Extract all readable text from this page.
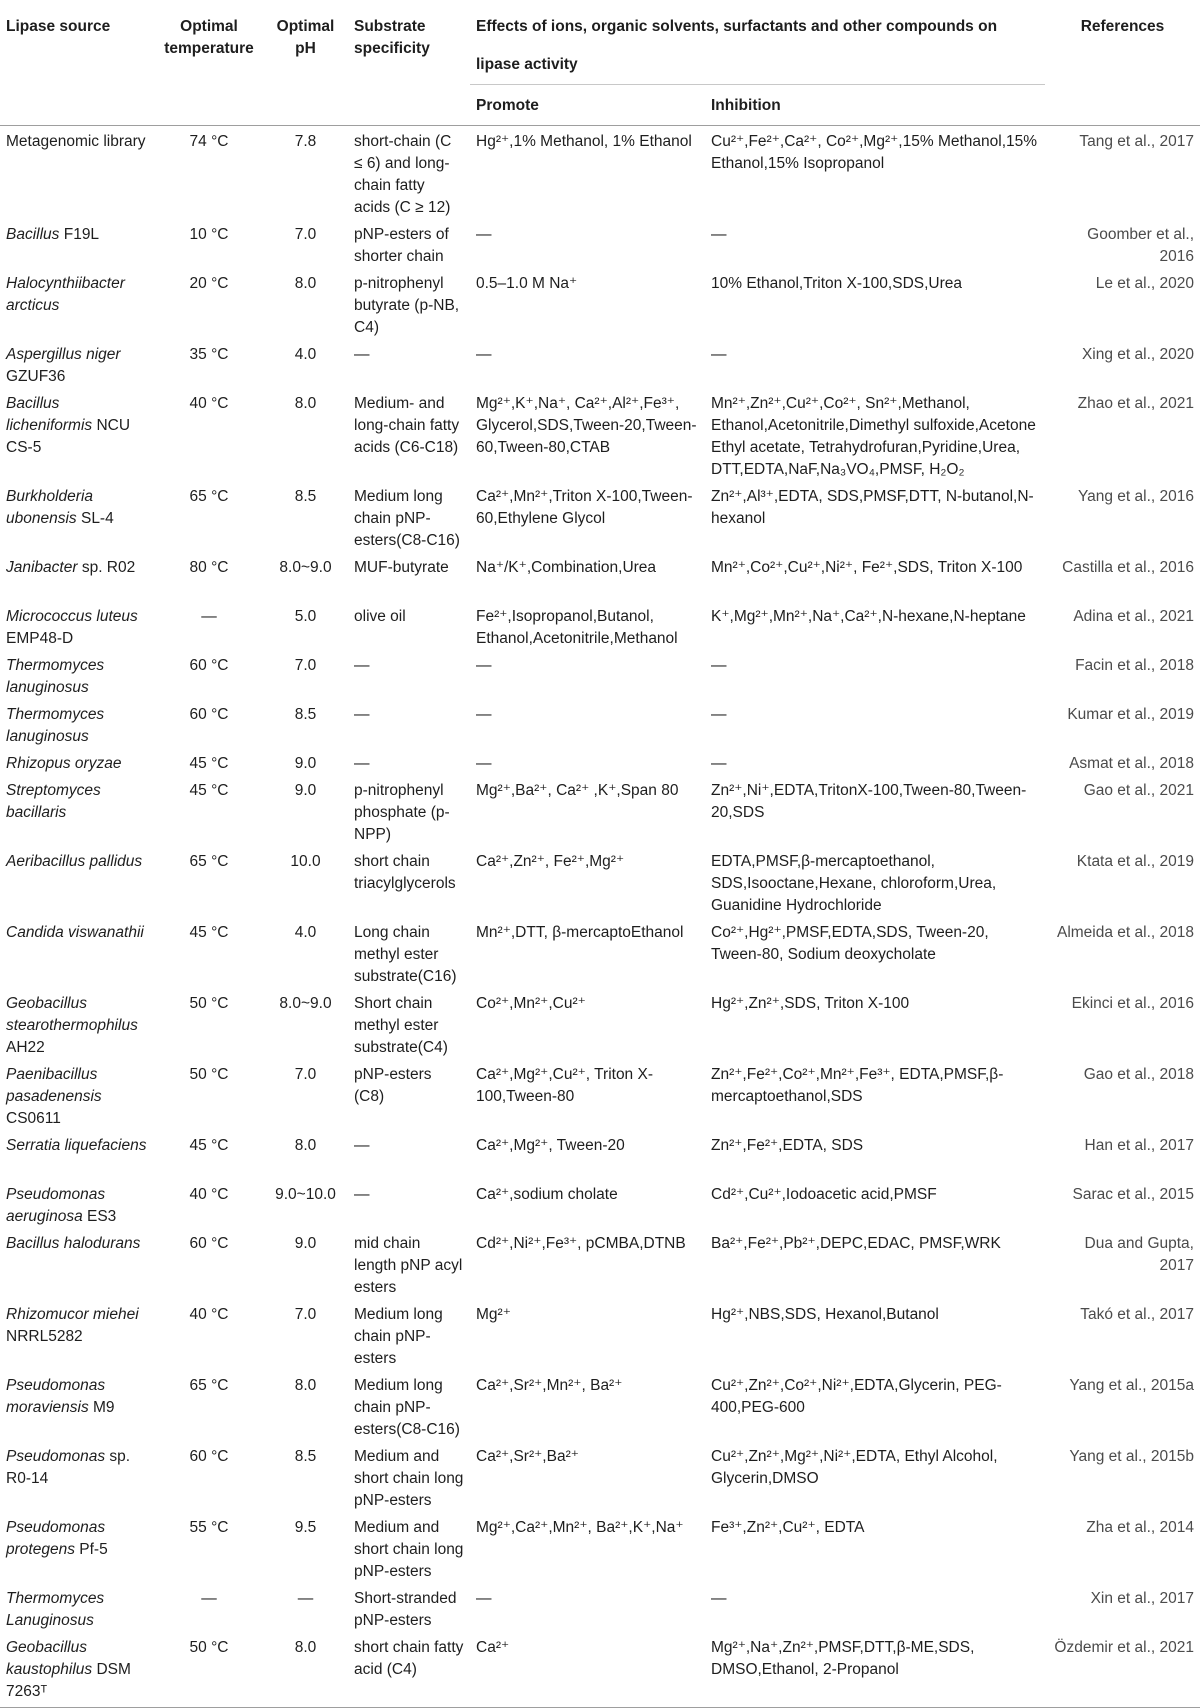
Lipase source	Optimal temperature	Optimal pH	Substrate specificity	Effects of ions, organic solvents, surfactants and other compounds on lipase activity		References
				Promote	Inhibition	
Metagenomic library	74 °C	7.8	short-chain (C ≤ 6) and long-chain fatty acids (C ≥ 12)	Hg²⁺,1% Methanol, 1% Ethanol	Cu²⁺,Fe²⁺,Ca²⁺, Co²⁺,Mg²⁺,15% Methanol,15% Ethanol,15% Isopropanol	Tang et al., 2017
Bacillus F19L	10 °C	7.0	pNP-esters of shorter chain	—	—	Goomber et al., 2016
Halocynthiibacter arcticus	20 °C	8.0	p-nitrophenyl butyrate (p-NB, C4)	0.5–1.0 M Na⁺	10% Ethanol,Triton X-100,SDS,Urea	Le et al., 2020
Aspergillus niger GZUF36	35 °C	4.0	—	—	—	Xing et al., 2020
Bacillus licheniformis NCU CS-5	40 °C	8.0	Medium- and long-chain fatty acids (C6-C18)	Mg²⁺,K⁺,Na⁺, Ca²⁺,Al²⁺,Fe³⁺, Glycerol,SDS,Tween-20,Tween-60,Tween-80,CTAB	Mn²⁺,Zn²⁺,Cu²⁺,Co²⁺, Sn²⁺,Methanol, Ethanol,Acetonitrile,Dimethyl sulfoxide,Acetone Ethyl acetate, Tetrahydrofuran,Pyridine,Urea, DTT,EDTA,NaF,Na₃VO₄,PMSF, H₂O₂	Zhao et al., 2021
Burkholderia ubonensis SL-4	65 °C	8.5	Medium long chain pNP-esters(C8-C16)	Ca²⁺,Mn²⁺,Triton X-100,Tween-60,Ethylene Glycol	Zn²⁺,Al³⁺,EDTA, SDS,PMSF,DTT, N-butanol,N-hexanol	Yang et al., 2016
Janibacter sp. R02	80 °C	8.0~9.0	MUF-butyrate	Na⁺/K⁺,Combination,Urea	Mn²⁺,Co²⁺,Cu²⁺,Ni²⁺, Fe²⁺,SDS, Triton X-100	Castilla et al., 2016
Micrococcus luteus EMP48-D	—	5.0	olive oil	Fe²⁺,Isopropanol,Butanol, Ethanol,Acetonitrile,Methanol	K⁺,Mg²⁺,Mn²⁺,Na⁺,Ca²⁺,N-hexane,N-heptane	Adina et al., 2021
Thermomyces lanuginosus	60 °C	7.0	—	—	—	Facin et al., 2018
Thermomyces lanuginosus	60 °C	8.5	—	—	—	Kumar et al., 2019
Rhizopus oryzae	45 °C	9.0	—	—	—	Asmat et al., 2018
Streptomyces bacillaris	45 °C	9.0	p-nitrophenyl phosphate (p-NPP)	Mg²⁺,Ba²⁺, Ca²⁺ ,K⁺,Span 80	Zn²⁺,Ni⁺,EDTA,TritonX-100,Tween-80,Tween-20,SDS	Gao et al., 2021
Aeribacillus pallidus	65 °C	10.0	short chain triacylglycerols	Ca²⁺,Zn²⁺, Fe²⁺,Mg²⁺	EDTA,PMSF,β-mercaptoethanol, SDS,Isooctane,Hexane, chloroform,Urea, Guanidine Hydrochloride	Ktata et al., 2019
Candida viswanathii	45 °C	4.0	Long chain methyl ester substrate(C16)	Mn²⁺,DTT, β-mercaptoEthanol	Co²⁺,Hg²⁺,PMSF,EDTA,SDS, Tween-20, Tween-80, Sodium deoxycholate	Almeida et al., 2018
Geobacillus stearothermophilus AH22	50 °C	8.0~9.0	Short chain methyl ester substrate(C4)	Co²⁺,Mn²⁺,Cu²⁺	Hg²⁺,Zn²⁺,SDS, Triton X-100	Ekinci et al., 2016
Paenibacillus pasadenensis CS0611	50 °C	7.0	pNP-esters (C8)	Ca²⁺,Mg²⁺,Cu²⁺, Triton X-100,Tween-80	Zn²⁺,Fe²⁺,Co²⁺,Mn²⁺,Fe³⁺, EDTA,PMSF,β-mercaptoethanol,SDS	Gao et al., 2018
Serratia liquefaciens	45 °C	8.0	—	Ca²⁺,Mg²⁺, Tween-20	Zn²⁺,Fe²⁺,EDTA, SDS	Han et al., 2017
Pseudomonas aeruginosa ES3	40 °C	9.0~10.0	—	Ca²⁺,sodium cholate	Cd²⁺,Cu²⁺,Iodoacetic acid,PMSF	Sarac et al., 2015
Bacillus halodurans	60 °C	9.0	mid chain length pNP acyl esters	Cd²⁺,Ni²⁺,Fe³⁺, pCMBA,DTNB	Ba²⁺,Fe²⁺,Pb²⁺,DEPC,EDAC, PMSF,WRK	Dua and Gupta, 2017
Rhizomucor miehei NRRL5282	40 °C	7.0	Medium long chain pNP-esters	Mg²⁺	Hg²⁺,NBS,SDS, Hexanol,Butanol	Takó et al., 2017
Pseudomonas moraviensis M9	65 °C	8.0	Medium long chain pNP-esters(C8-C16)	Ca²⁺,Sr²⁺,Mn²⁺, Ba²⁺	Cu²⁺,Zn²⁺,Co²⁺,Ni²⁺,EDTA,Glycerin, PEG-400,PEG-600	Yang et al., 2015a
Pseudomonas sp. R0-14	60 °C	8.5	Medium and short chain long pNP-esters	Ca²⁺,Sr²⁺,Ba²⁺	Cu²⁺,Zn²⁺,Mg²⁺,Ni²⁺,EDTA, Ethyl Alcohol, Glycerin,DMSO	Yang et al., 2015b
Pseudomonas protegens Pf-5	55 °C	9.5	Medium and short chain long pNP-esters	Mg²⁺,Ca²⁺,Mn²⁺, Ba²⁺,K⁺,Na⁺	Fe³⁺,Zn²⁺,Cu²⁺, EDTA	Zha et al., 2014
Thermomyces Lanuginosus	—	—	Short-stranded pNP-esters	—	—	Xin et al., 2017
Geobacillus kaustophilus DSM 7263ᵀ	50 °C	8.0	short chain fatty acid (C4)	Ca²⁺	Mg²⁺,Na⁺,Zn²⁺,PMSF,DTT,β-ME,SDS, DMSO,Ethanol, 2-Propanol	Özdemir et al., 2021
